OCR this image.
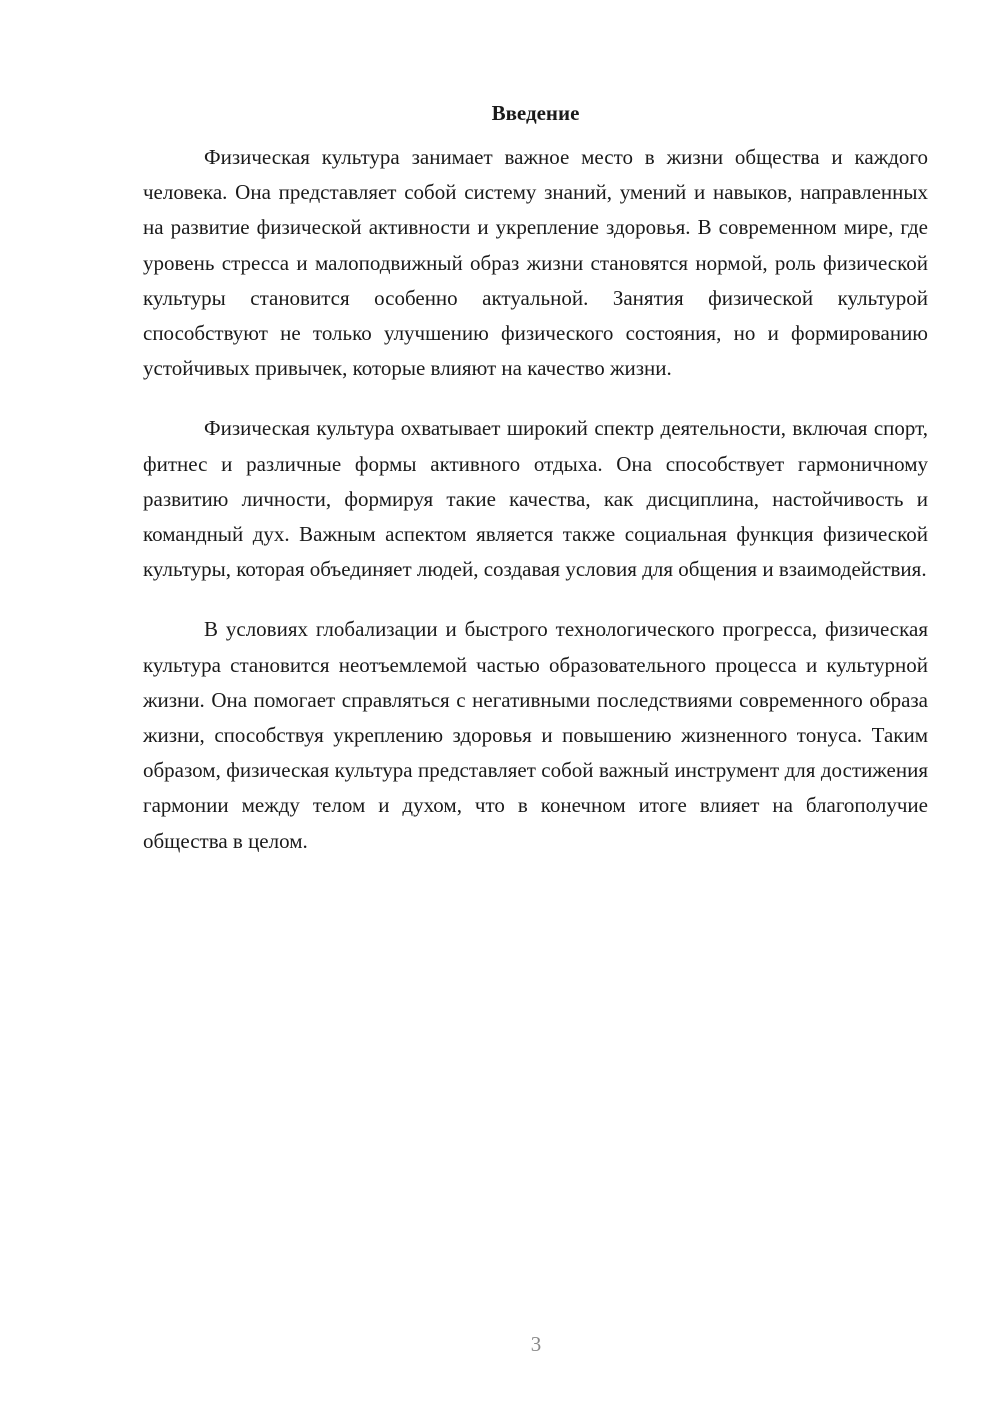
Введение

Физическая культура занимает важное место в жизни общества и каждого человека. Она представляет собой систему знаний, умений и навыков, направленных на развитие физической активности и укрепление здоровья. В современном мире, где уровень стресса и малоподвижный образ жизни становятся нормой, роль физической культуры становится особенно актуальной. Занятия физической культурой способствуют не только улучшению физического состояния, но и формированию устойчивых привычек, которые влияют на качество жизни.

Физическая культура охватывает широкий спектр деятельности, включая спорт, фитнес и различные формы активного отдыха. Она способствует гармоничному развитию личности, формируя такие качества, как дисциплина, настойчивость и командный дух. Важным аспектом является также социальная функция физической культуры, которая объединяет людей, создавая условия для общения и взаимодействия.

В условиях глобализации и быстрого технологического прогресса, физическая культура становится неотъемлемой частью образовательного процесса и культурной жизни. Она помогает справляться с негативными последствиями современного образа жизни, способствуя укреплению здоровья и повышению жизненного тонуса. Таким образом, физическая культура представляет собой важный инструмент для достижения гармонии между телом и духом, что в конечном итоге влияет на благополучие общества в целом.

3
